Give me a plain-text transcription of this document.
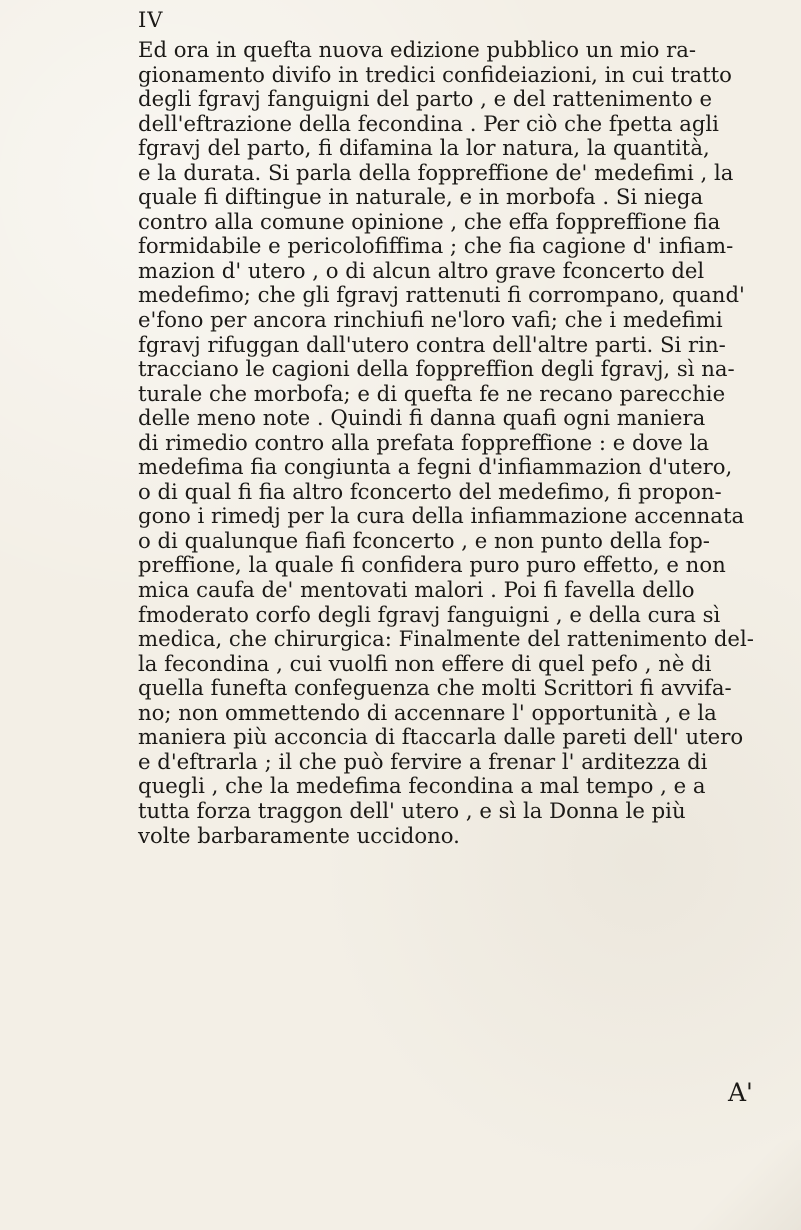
IV
Ed ora in quefta nuova edizione pubblico un mio ra-
gionamento divifo in tredici confideiazioni, in cui tratto
degli fgravj fanguigni del parto , e del rattenimento e
dell'eftrazione della fecondina . Per ciò che fpetta agli
fgravj del parto, fi difamina la lor natura, la quantità,
e la durata. Si parla della foppreffione de' medefimi , la
quale fi diftingue in naturale, e in morbofa . Si niega
contro alla comune opinione , che effa foppreffione fia
formidabile e pericolofiffima ; che fia cagione d' infiam-
mazion d' utero , o di alcun altro grave fconcerto del
medefimo; che gli fgravj rattenuti fi corrompano, quand'
e'fono per ancora rinchiufi ne'loro vafi; che i medefimi
fgravj rifuggan dall'utero contra dell'altre parti. Si rin-
tracciano le cagioni della foppreffion degli fgravj, sì na-
turale che morbofa; e di quefta fe ne recano parecchie
delle meno note . Quindi fi danna quafi ogni maniera
di rimedio contro alla prefata foppreffione : e dove la
medefima fia congiunta a fegni d'infiammazion d'utero,
o di qual fi fia altro fconcerto del medefimo, fi propon-
gono i rimedj per la cura della infiammazione accennata
o di qualunque fiafi fconcerto , e non punto della fop-
preffione, la quale fi confidera puro puro effetto, e non
mica caufa de' mentovati malori . Poi fi favella dello
fmoderato corfo degli fgravj fanguigni , e della cura sì
medica, che chirurgica: Finalmente del rattenimento del-
la fecondina , cui vuolfi non effere di quel pefo , nè di
quella funefta confeguenza che molti Scrittori fi avvifa-
no; non ommettendo di accennare l' opportunità , e la
maniera più acconcia di ftaccarla dalle pareti dell' utero
e d'eftrarla ; il che può fervire a frenar l' arditezza di
quegli , che la medefima fecondina a mal tempo , e a
tutta forza traggon dell' utero , e sì la Donna le più
volte barbaramente uccidono.
A'
